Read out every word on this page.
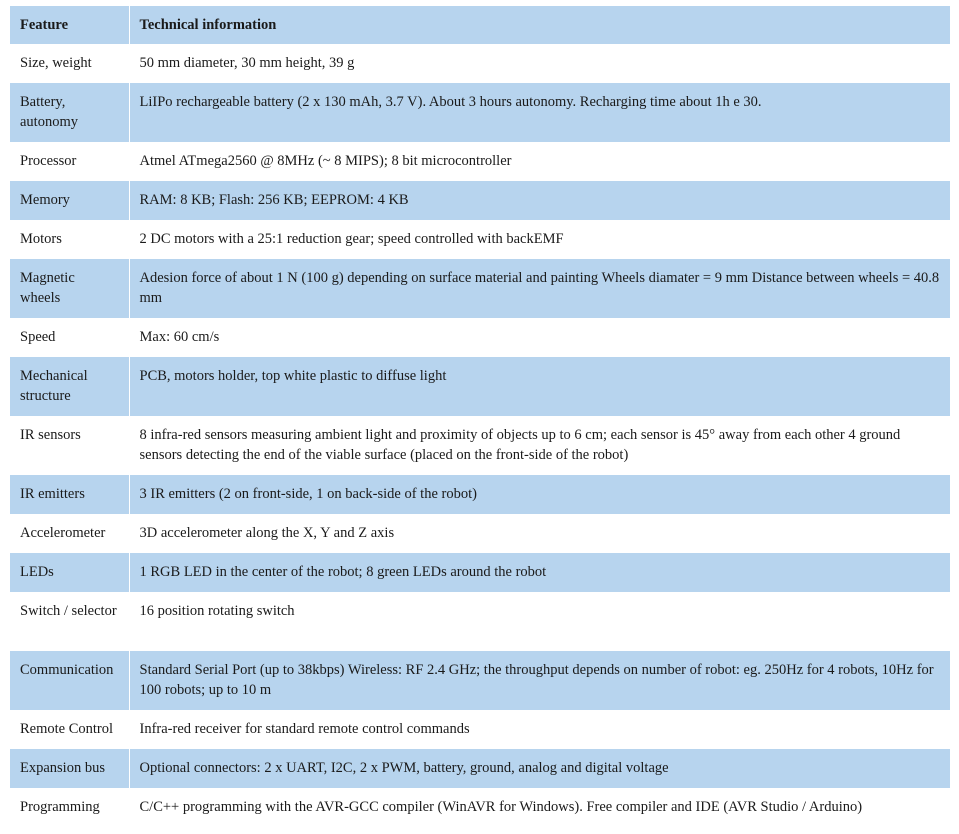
Feature	Technical information
Size, weight	50 mm diameter, 30 mm height, 39 g
Battery, autonomy	LiIPo rechargeable battery (2 x 130 mAh, 3.7 V). About 3 hours autonomy. Recharging time about 1h e 30.
Processor	Atmel ATmega2560 @ 8MHz (~ 8 MIPS); 8 bit microcontroller
Memory	RAM: 8 KB; Flash: 256 KB; EEPROM: 4 KB
Motors	2 DC motors with a 25:1 reduction gear; speed controlled with backEMF
Magnetic wheels	Adesion force of about 1 N (100 g) depending on surface material and painting Wheels diamater = 9 mm Distance between wheels = 40.8 mm
Speed	Max: 60 cm/s
Mechanical structure	PCB, motors holder, top white plastic to diffuse light
IR sensors	8 infra-red sensors measuring ambient light and proximity of objects up to 6 cm; each sensor is 45° away from each other 4 ground sensors detecting the end of the viable surface (placed on the front-side of the robot)
IR emitters	3 IR emitters (2 on front-side, 1 on back-side of the robot)
Accelerometer	3D accelerometer along the X, Y and Z axis
LEDs	1 RGB LED in the center of the robot; 8 green LEDs around the robot
Switch / selector	16 position rotating switch
Communication	Standard Serial Port (up to 38kbps) Wireless: RF 2.4 GHz; the throughput depends on number of robot: eg. 250Hz for 4 robots, 10Hz for 100 robots; up to 10 m
Remote Control	Infra-red receiver for standard remote control commands
Expansion bus	Optional connectors: 2 x UART, I2C, 2 x PWM, battery, ground, analog and digital voltage
Programming	C/C++ programming with the AVR-GCC compiler (WinAVR for Windows). Free compiler and IDE (AVR Studio / Arduino)
